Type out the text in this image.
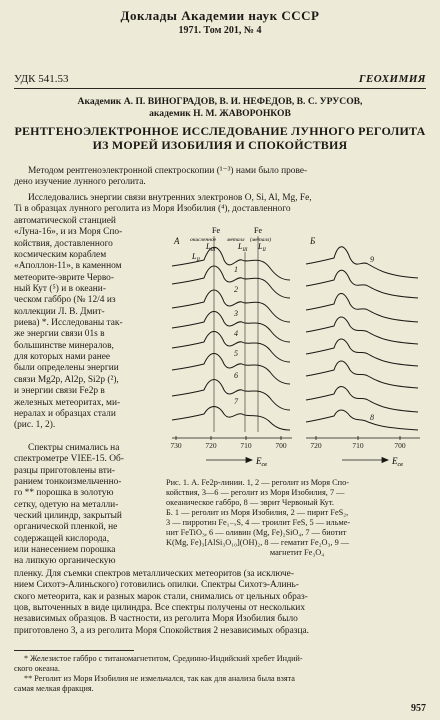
Доклады Академии наук СССР
1971. Том 201, № 4
УДК 541.53	ГЕОХИМИЯ
Академик А. П. ВИНОГРАДОВ, В. И. НЕФЕДОВ, В. С. УРУСОВ,
академик Н. М. ЖАВОРОНКОВ
РЕНТГЕНОЭЛЕКТРОННОЕ ИССЛЕДОВАНИЕ ЛУННОГО РЕГОЛИТА
ИЗ МОРЕЙ ИЗОБИЛИЯ И СПОКОЙСТВИЯ
Методом рентгеноэлектронной спектроскопии (¹⁻³) нами было прове-
дено изучение лунного реголита.
Исследовались энергии связи внутренних электронов O, Si, Al, Mg, Fe,
Ti в образцах лунного реголита из Моря Изобилия (⁴), доставленного
автоматической станцией
«Луна-16», и из Моря Спо-
койствия, доставленного
космическим кораблем
«Аполлон-11», в каменном
метеорите-эврите Черво-
ный Кут (⁵) и в океани-
ческом габбро (№ 12/4 из
коллекции Л. В. Дмит-
риева) *. Исследованы так-
же энергии связи 01s в
большинстве минералов,
для которых нами ранее
были определены энергии
связи Mg2p, Al2p, Si2p (²),
и энергии связи Fe2p в
железных метеоритах, ми-
нералах и образцах стали
(рис. 1, 2).
Спектры снимались на
спектрометре VIEE-15. Об-
разцы приготовлены вти-
ранием тонкоизмельченно-
го ** порошка в золотую
сетку, одетую на металли-
ческий цилиндр, закрытый
органической пленкой, не
содержащей кислорода,
или нанесением порошка
на липкую органическую
пленку. Для съемки спектров металлических метеоритов (за исключе-
нием Сихотэ-Алиньского) готовились опилки. Спектры Сихотэ-Алинь-
ского метеорита, как и разных марок стали, снимались от цельных образ-
цов, выточенных в виде цилиндра. Все спектры получены от нескольких
независимых образцов. В частности, из реголита Моря Изобилия было
приготовлено 3, а из реголита Моря Спокойствия 2 независимых образца.
Fe
окисленное металл
Fe
(металл)
$L_{III}$
$L_{II}$
$L_{III}$ $L_{II}$
1
2
3
4
5
6
7
А
9
8
Б
730	720	710	700	720	710	700
$E_{св}$	$E_{св}$
Рис. 1. А. Fe2p-линии. 1, 2 — реголит из Моря Спо-
койствия, 3—6 — реголит из Моря Изобилия, 7 —
океаническое габбро, 8 — эврит Червоный Кут.
Б. 1 — реголит из Моря Изобилия, 2 — пирит FeS₂,
3 — пирротин Fe₁₋ₓS, 4 — троилит FeS, 5 — ильме-
нит FeTiO₃, 6 — оливин (Mg, Fe)₂SiO₄, 7 — биотит
K(Mg, Fe)₃[AlSi₃O₁₀](OH)₂, 8 — гематит Fe₂O₃, 9 —
магнетит Fe₃O₄
* Железистое габбро с титаномагнетитом, Срединно-Индийский хребет Индий-
ского океана.
** Реголит из Моря Изобилия не измельчался, так как для анализа была взята
самая мелкая фракция.
957
